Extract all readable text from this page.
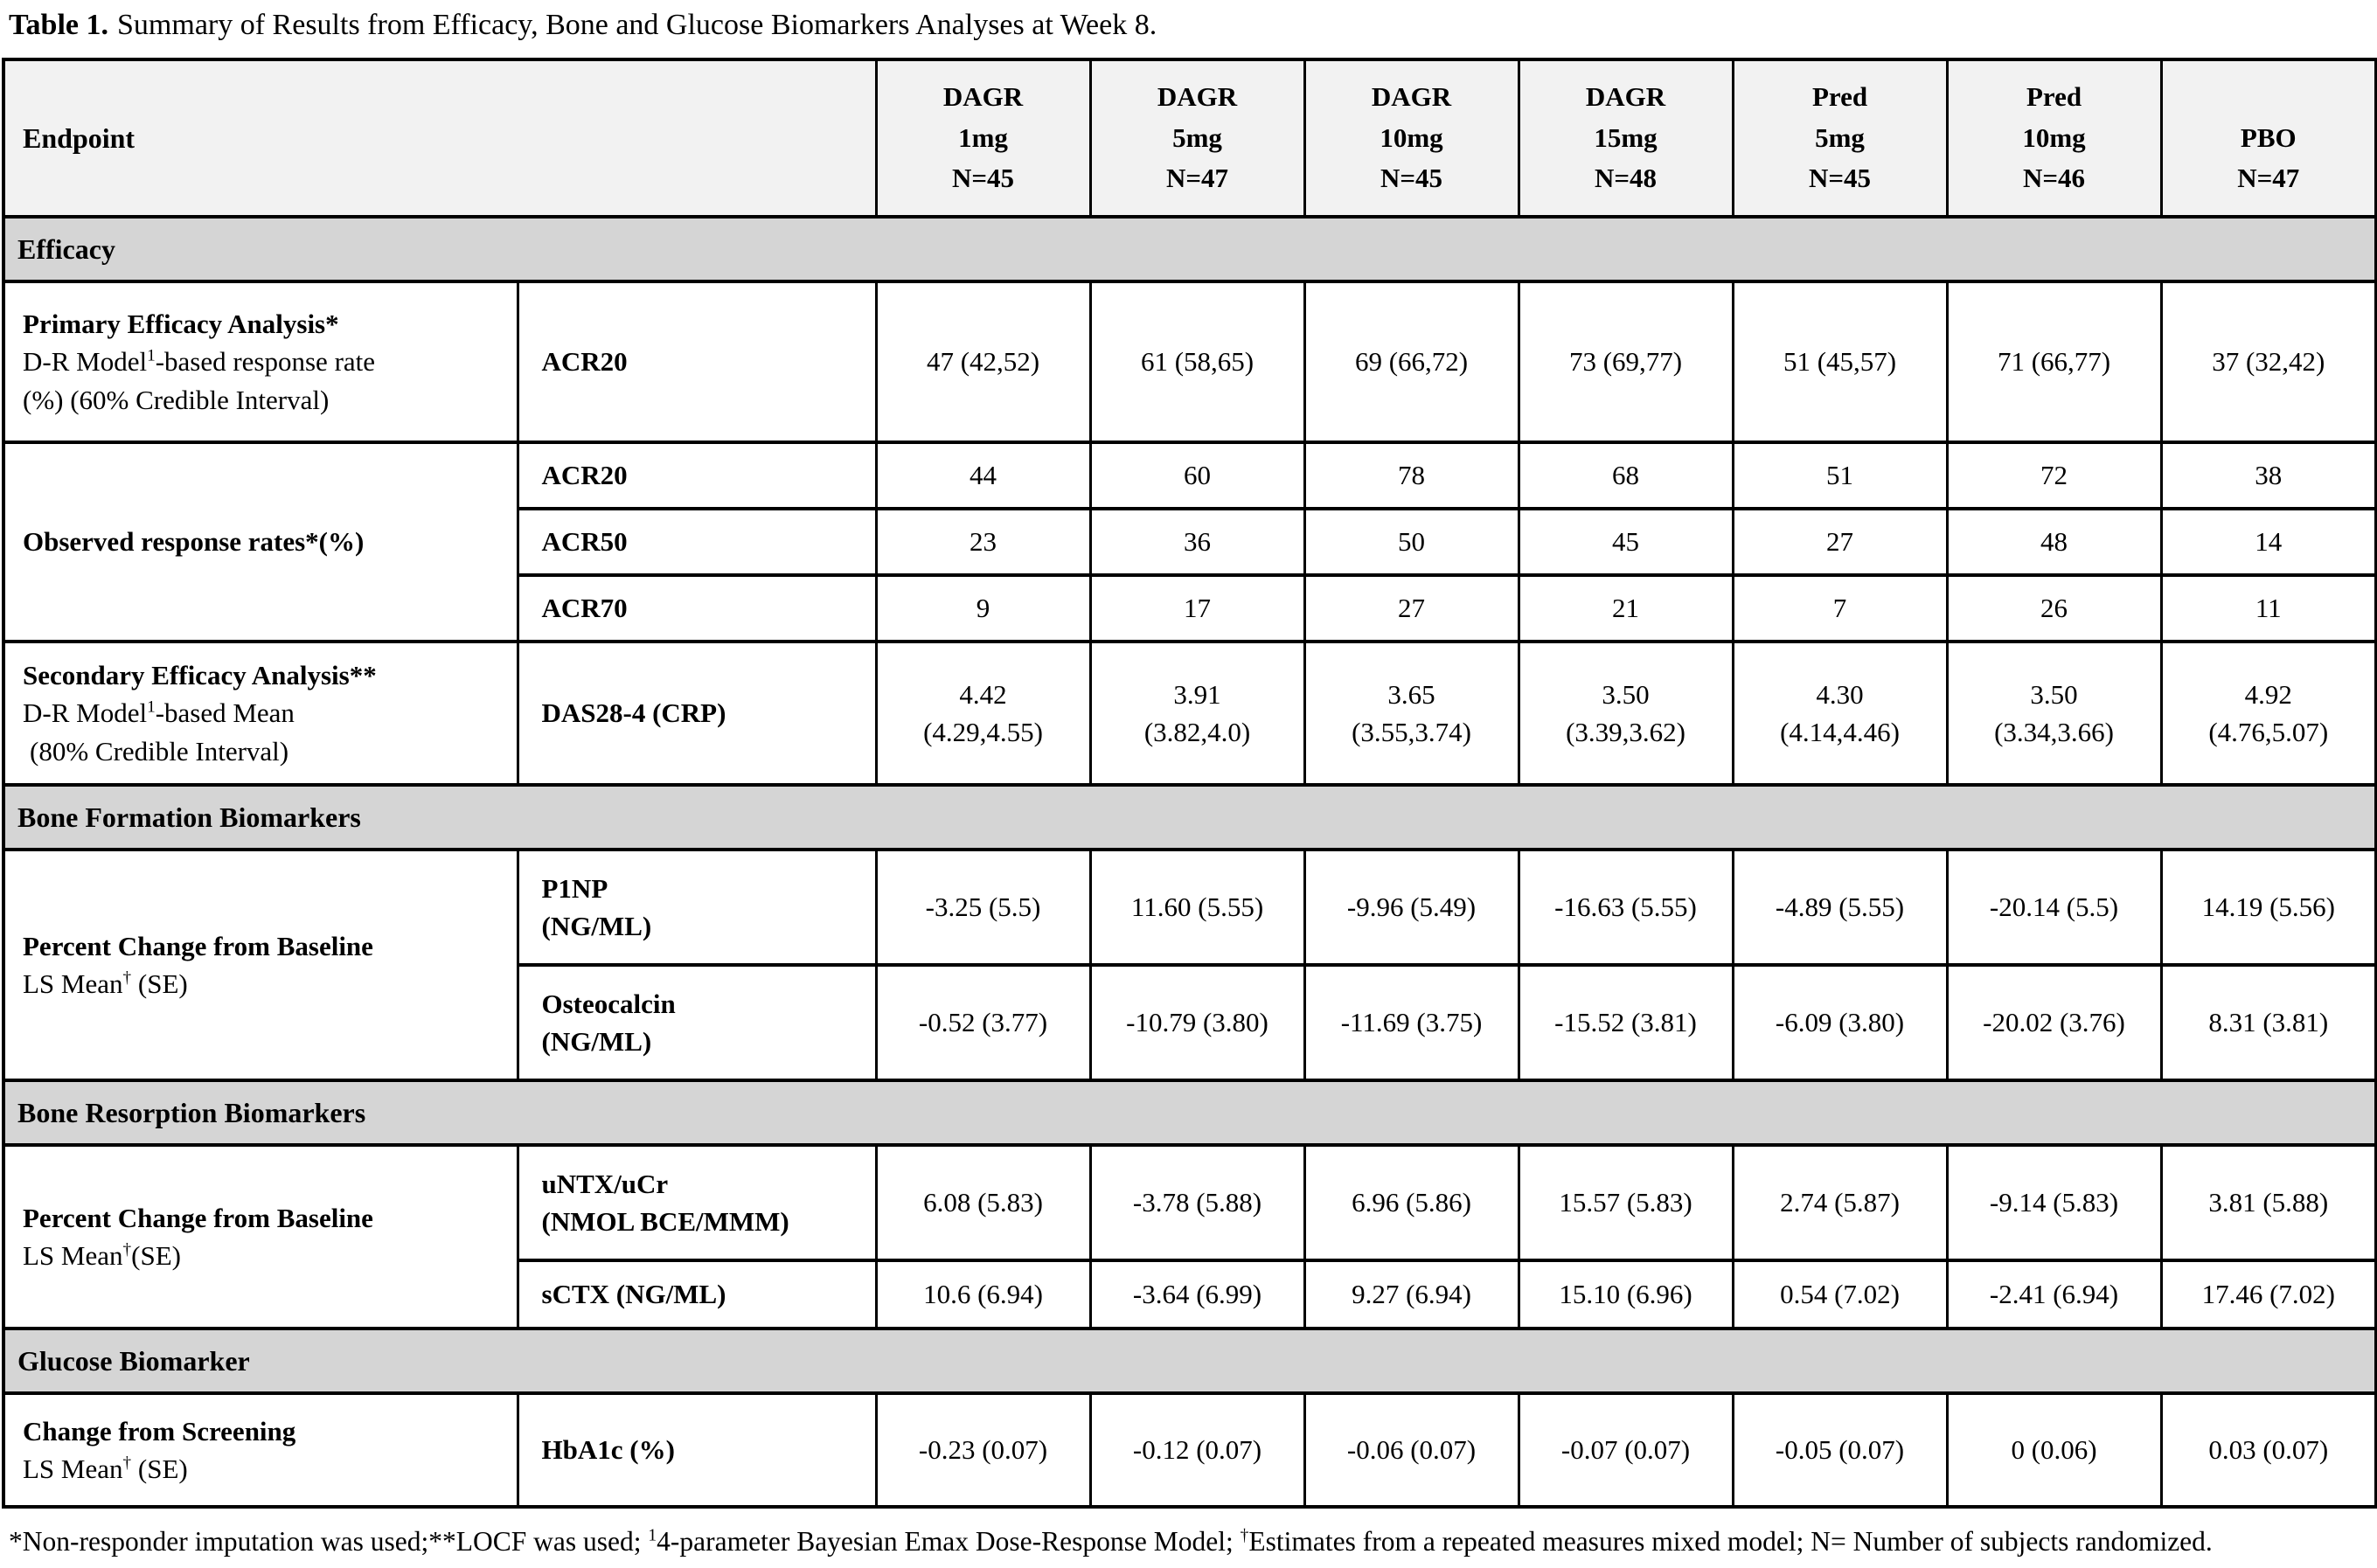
Table 1. Summary of Results from Efficacy, Bone and Glucose Biomarkers Analyses at Week 8.
Endpoint		DAGR
1mg
N=45	DAGR
5mg
N=47	DAGR
10mg
N=45	DAGR
15mg
N=48	Pred
5mg
N=45	Pred
10mg
N=46	PBO
N=47

Efficacy								

Primary Efficacy Analysis*
D-R Model$^1$-based response rate
(%) (60% Credible Interval)	ACR20	47 (42,52)	61 (58,65)	69 (66,72)	73 (69,77)	51 (45,57)	71 (66,77)	37 (32,42)
Observed response rates*(%)	ACR20	44	60	78	68	51	72	38
	ACR50	23	36	50	45	27	48	14
	ACR70	9	17	27	21	7	26	11

Secondary Efficacy Analysis**
D-R Model$^1$-based Mean
(80% Credible Interval)	DAS28-4 (CRP)	4.42
(4.29,4.55)	3.91
(3.82,4.0)	3.65
(3.55,3.74)	3.50
(3.39,3.62)	4.30
(4.14,4.46)	3.50
(3.34,3.66)	4.92
(4.76,5.07)

Bone Formation Biomarkers								

Percent Change from Baseline
LS Mean† (SE)	P1NP
(NG/ML)	-3.25 (5.5)	11.60 (5.55)	-9.96 (5.49)	-16.63 (5.55)	-4.89 (5.55)	-20.14 (5.5)	14.19 (5.56)

	Osteocalcin
(NG/ML)	-0.52 (3.77)	-10.79 (3.80)	-11.69 (3.75)	-15.52 (3.81)	-6.09 (3.80)	-20.02 (3.76)	8.31 (3.81)
Bone Resorption Biomarkers								

Percent Change from Baseline
LS Mean†(SE)	uNTX/uCr
(NMOL BCE/MMM)	6.08 (5.83)	-3.78 (5.88)	6.96 (5.86)	15.57 (5.83)	2.74 (5.87)	-9.14 (5.83)	3.81 (5.88)

	sCTX (NG/ML)	10.6 (6.94)	-3.64 (6.99)	9.27 (6.94)	15.10 (6.96)	0.54 (7.02)	-2.41 (6.94)	17.46 (7.02)
Glucose Biomarker								

Change from Screening
LS Mean† (SE)	HbA1c (%)	-0.23 (0.07)	-0.12 (0.07)	-0.06 (0.07)	-0.07 (0.07)	-0.05 (0.07)	0 (0.06)	0.03 (0.07)
*Non-responder imputation was used;**LOCF was used; $^1$4-parameter Bayesian Emax Dose-Response Model; †Estimates from a repeated measures mixed model; N= Number of subjects randomized.
